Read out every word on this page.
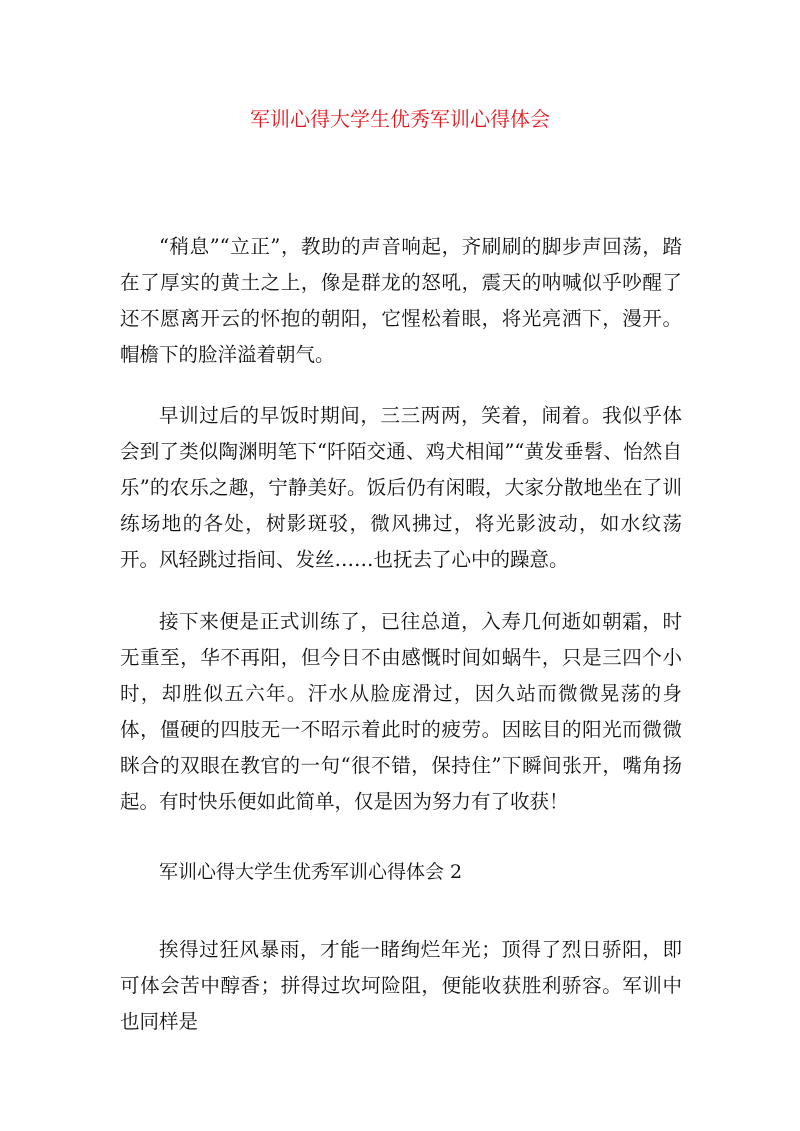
军训心得大学生优秀军训心得体会

“稍息”“立正”，教助的声音响起，齐刷刷的脚步声回荡，踏在了厚实的黄土之上，像是群龙的怒吼，震天的呐喊似乎吵醒了还不愿离开云的怀抱的朝阳，它惺松着眼，将光亮洒下，漫开。帽檐下的脸洋溢着朝气。

早训过后的早饭时期间，三三两两，笑着，闹着。我似乎体会到了类似陶渊明笔下“阡陌交通、鸡犬相闻”“黄发垂髫、怡然自乐”的农乐之趣，宁静美好。饭后仍有闲暇，大家分散地坐在了训练场地的各处，树影斑驳，微风拂过，将光影波动，如水纹荡开。风轻跳过指间、发丝……也抚去了心中的躁意。

接下来便是正式训练了，已往总道，入寿几何逝如朝霜，时无重至，华不再阳，但今日不由感慨时间如蜗牛，只是三四个小时，却胜似五六年。汗水从脸庞滑过，因久站而微微晃荡的身体，僵硬的四肢无一不昭示着此时的疲劳。因眩目的阳光而微微眯合的双眼在教官的一句“很不错，保持住”下瞬间张开，嘴角扬起。有时快乐便如此简单，仅是因为努力有了收获！

军训心得大学生优秀军训心得体会 2

挨得过狂风暴雨，才能一睹绚烂年光；顶得了烈日骄阳，即可体会苦中醇香；拼得过坎坷险阻，便能收获胜利骄容。军训中也同样是
